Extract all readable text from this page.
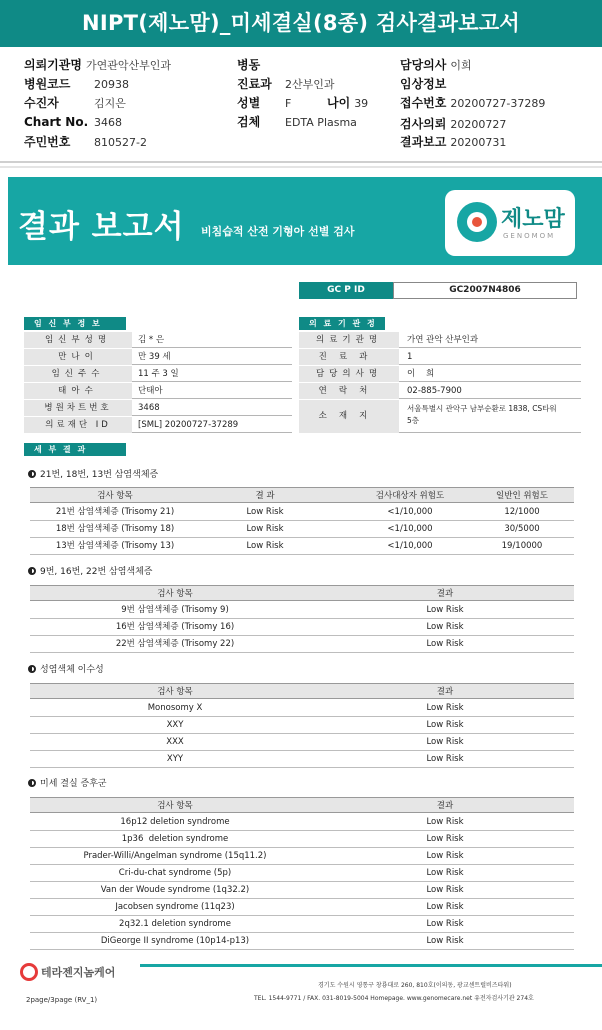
NIPT(제노맘)_미세결실(8종) 검사결과보고서
의뢰기관명 가연관악산부인과
병원코드 20938
수진자	김지은
Chart No. 3468
주민번호 810527-2
병동
진료과 2산부인과
성별 F	나이 39
검체 EDTA Plasma
담당의사 이희
임상정보
접수번호 20200727-37289
검사의뢰 20200727
결과보고 20200731
결과 보고서 비침습적 산전 기형아 선별 검사	제노맘
GENOMOM
GC P ID	GC2007N4806
임 신 부 정 보
임신부성명	김 * 은
만나이	만 39 세
임신주수	11 주 3 일
태아수	단태아
병원차트번호	3468
의료재단 ID	[SML] 20200727-37289
의 료 기 관 정
의료기관명	가연 관악 산부인과
진료과	1
담당의사명	이    희
연락처	02-885-7900
소재지
서울특별시 관악구 남부순환로 1838, CS타워
5층
세 부 결 과
21번, 18번, 13번 삼염색체증
검사 항목	결 과	검사대상자 위험도	일반인 위험도
21번 삼염색체증 (Trisomy 21)	Low Risk	<1/10,000	12/1000
18번 삼염색체증 (Trisomy 18)	Low Risk	<1/10,000	30/5000
13번 삼염색체증 (Trisomy 13)	Low Risk	<1/10,000	19/10000
9번, 16번, 22번 삼염색체증
검사 항목	결과
9번 삼염색체증 (Trisomy 9)	Low Risk
16번 삼염색체증 (Trisomy 16)	Low Risk
22번 삼염색체증 (Trisomy 22)	Low Risk
성염색체 이수성
검사 항목	결과
Monosomy X	Low Risk
XXY	Low Risk
XXX	Low Risk
XYY	Low Risk
미세 결실 증후군
검사 항목	결과
16p12 deletion syndrome	Low Risk
1p36  deletion syndrome	Low Risk
Prader-Willi/Angelman syndrome (15q11.2)	Low Risk
Cri-du-chat syndrome (5p)	Low Risk
Van der Woude syndrome (1q32.2)	Low Risk
Jacobsen syndrome (11q23)	Low Risk
2q32.1 deletion syndrome	Low Risk
DiGeorge II syndrome (10p14-p13)	Low Risk
테라젠지놈케어
경기도 수원시 영통구 창룡대로 260, 810호(이의동, 광교센트럴비즈타워)
TEL. 1544-9771 / FAX. 031-8019-5004 Homepage. www.genomecare.net 유전자검사기관 274호
2page/3page (RV_1)
